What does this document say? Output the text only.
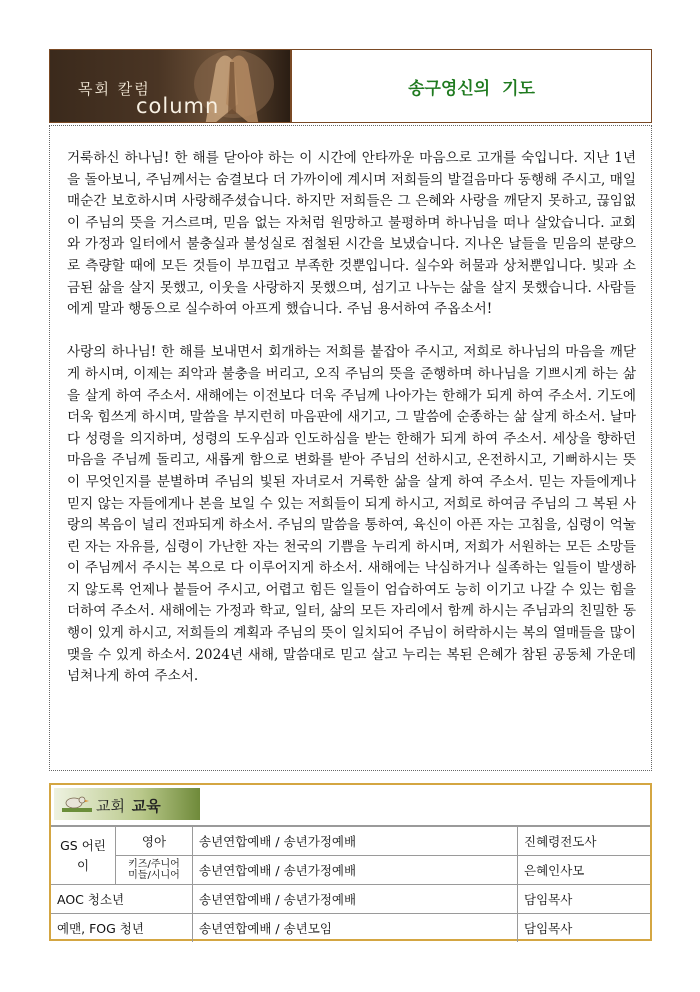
목회 칼럼
column
송구영신의 기도

거룩하신 하나님! 한 해를 닫아야 하는 이 시간에 안타까운 마음으로 고개를 숙입니다. 지난 1년을 돌아보니, 주님께서는 숨결보다 더 가까이에 계시며 저희들의 발걸음마다 동행해 주시고, 매일 매순간 보호하시며 사랑해주셨습니다. 하지만 저희들은 그 은혜와 사랑을 깨닫지 못하고, 끊임없이 주님의 뜻을 거스르며, 믿음 없는 자처럼 원망하고 불평하며 하나님을 떠나 살았습니다. 교회와 가정과 일터에서 불충실과 불성실로 점철된 시간을 보냈습니다. 지나온 날들을 믿음의 분량으로 측량할 때에 모든 것들이 부끄럽고 부족한 것뿐입니다. 실수와 허물과 상처뿐입니다. 빛과 소금된 삶을 살지 못했고, 이웃을 사랑하지 못했으며, 섬기고 나누는 삶을 살지 못했습니다. 사람들에게 말과 행동으로 실수하여 아프게 했습니다. 주님 용서하여 주옵소서!

사랑의 하나님! 한 해를 보내면서 회개하는 저희를 붙잡아 주시고, 저희로 하나님의 마음을 깨닫게 하시며, 이제는 죄악과 불충을 버리고, 오직 주님의 뜻을 준행하며 하나님을 기쁘시게 하는 삶을 살게 하여 주소서. 새해에는 이전보다 더욱 주님께 나아가는 한해가 되게 하여 주소서. 기도에 더욱 힘쓰게 하시며, 말씀을 부지런히 마음판에 새기고, 그 말씀에 순종하는 삶 살게 하소서. 날마다 성령을 의지하며, 성령의 도우심과 인도하심을 받는 한해가 되게 하여 주소서. 세상을 향하던 마음을 주님께 돌리고, 새롭게 함으로 변화를 받아 주님의 선하시고, 온전하시고, 기뻐하시는 뜻이 무엇인지를 분별하며 주님의 빛된 자녀로서 거룩한 삶을 살게 하여 주소서. 믿는 자들에게나 믿지 않는 자들에게나 본을 보일 수 있는 저희들이 되게 하시고, 저희로 하여금 주님의 그 복된 사랑의 복음이 널리 전파되게 하소서. 주님의 말씀을 통하여, 육신이 아픈 자는 고침을, 심령이 억눌린 자는 자유를, 심령이 가난한 자는 천국의 기쁨을 누리게 하시며, 저희가 서원하는 모든 소망들이 주님께서 주시는 복으로 다 이루어지게 하소서. 새해에는 낙심하거나 실족하는 일들이 발생하지 않도록 언제나 붙들어 주시고, 어렵고 힘든 일들이 엄습하여도 능히 이기고 나갈 수 있는 힘을 더하여 주소서. 새해에는 가정과 학교, 일터, 삶의 모든 자리에서 함께 하시는 주님과의 친밀한 동행이 있게 하시고, 저희들의 계획과 주님의 뜻이 일치되어 주님이 허락하시는 복의 열매들을 많이 맺을 수 있게 하소서. 2024년 새해, 말씀대로 믿고 살고 누리는 복된 은혜가 참된 공동체 가운데 넘쳐나게 하여 주소서.

교회 교육
GS 어린이	영아	송년연합예배 / 송년가정예배	진혜령전도사
	키즈/주니어 미들/시니어	송년연합예배 / 송년가정예배	은혜인사모
AOC 청소년		송년연합예배 / 송년가정예배	담임목사
예맨, FOG 청년		송년연합예배 / 송년모임	담임목사
